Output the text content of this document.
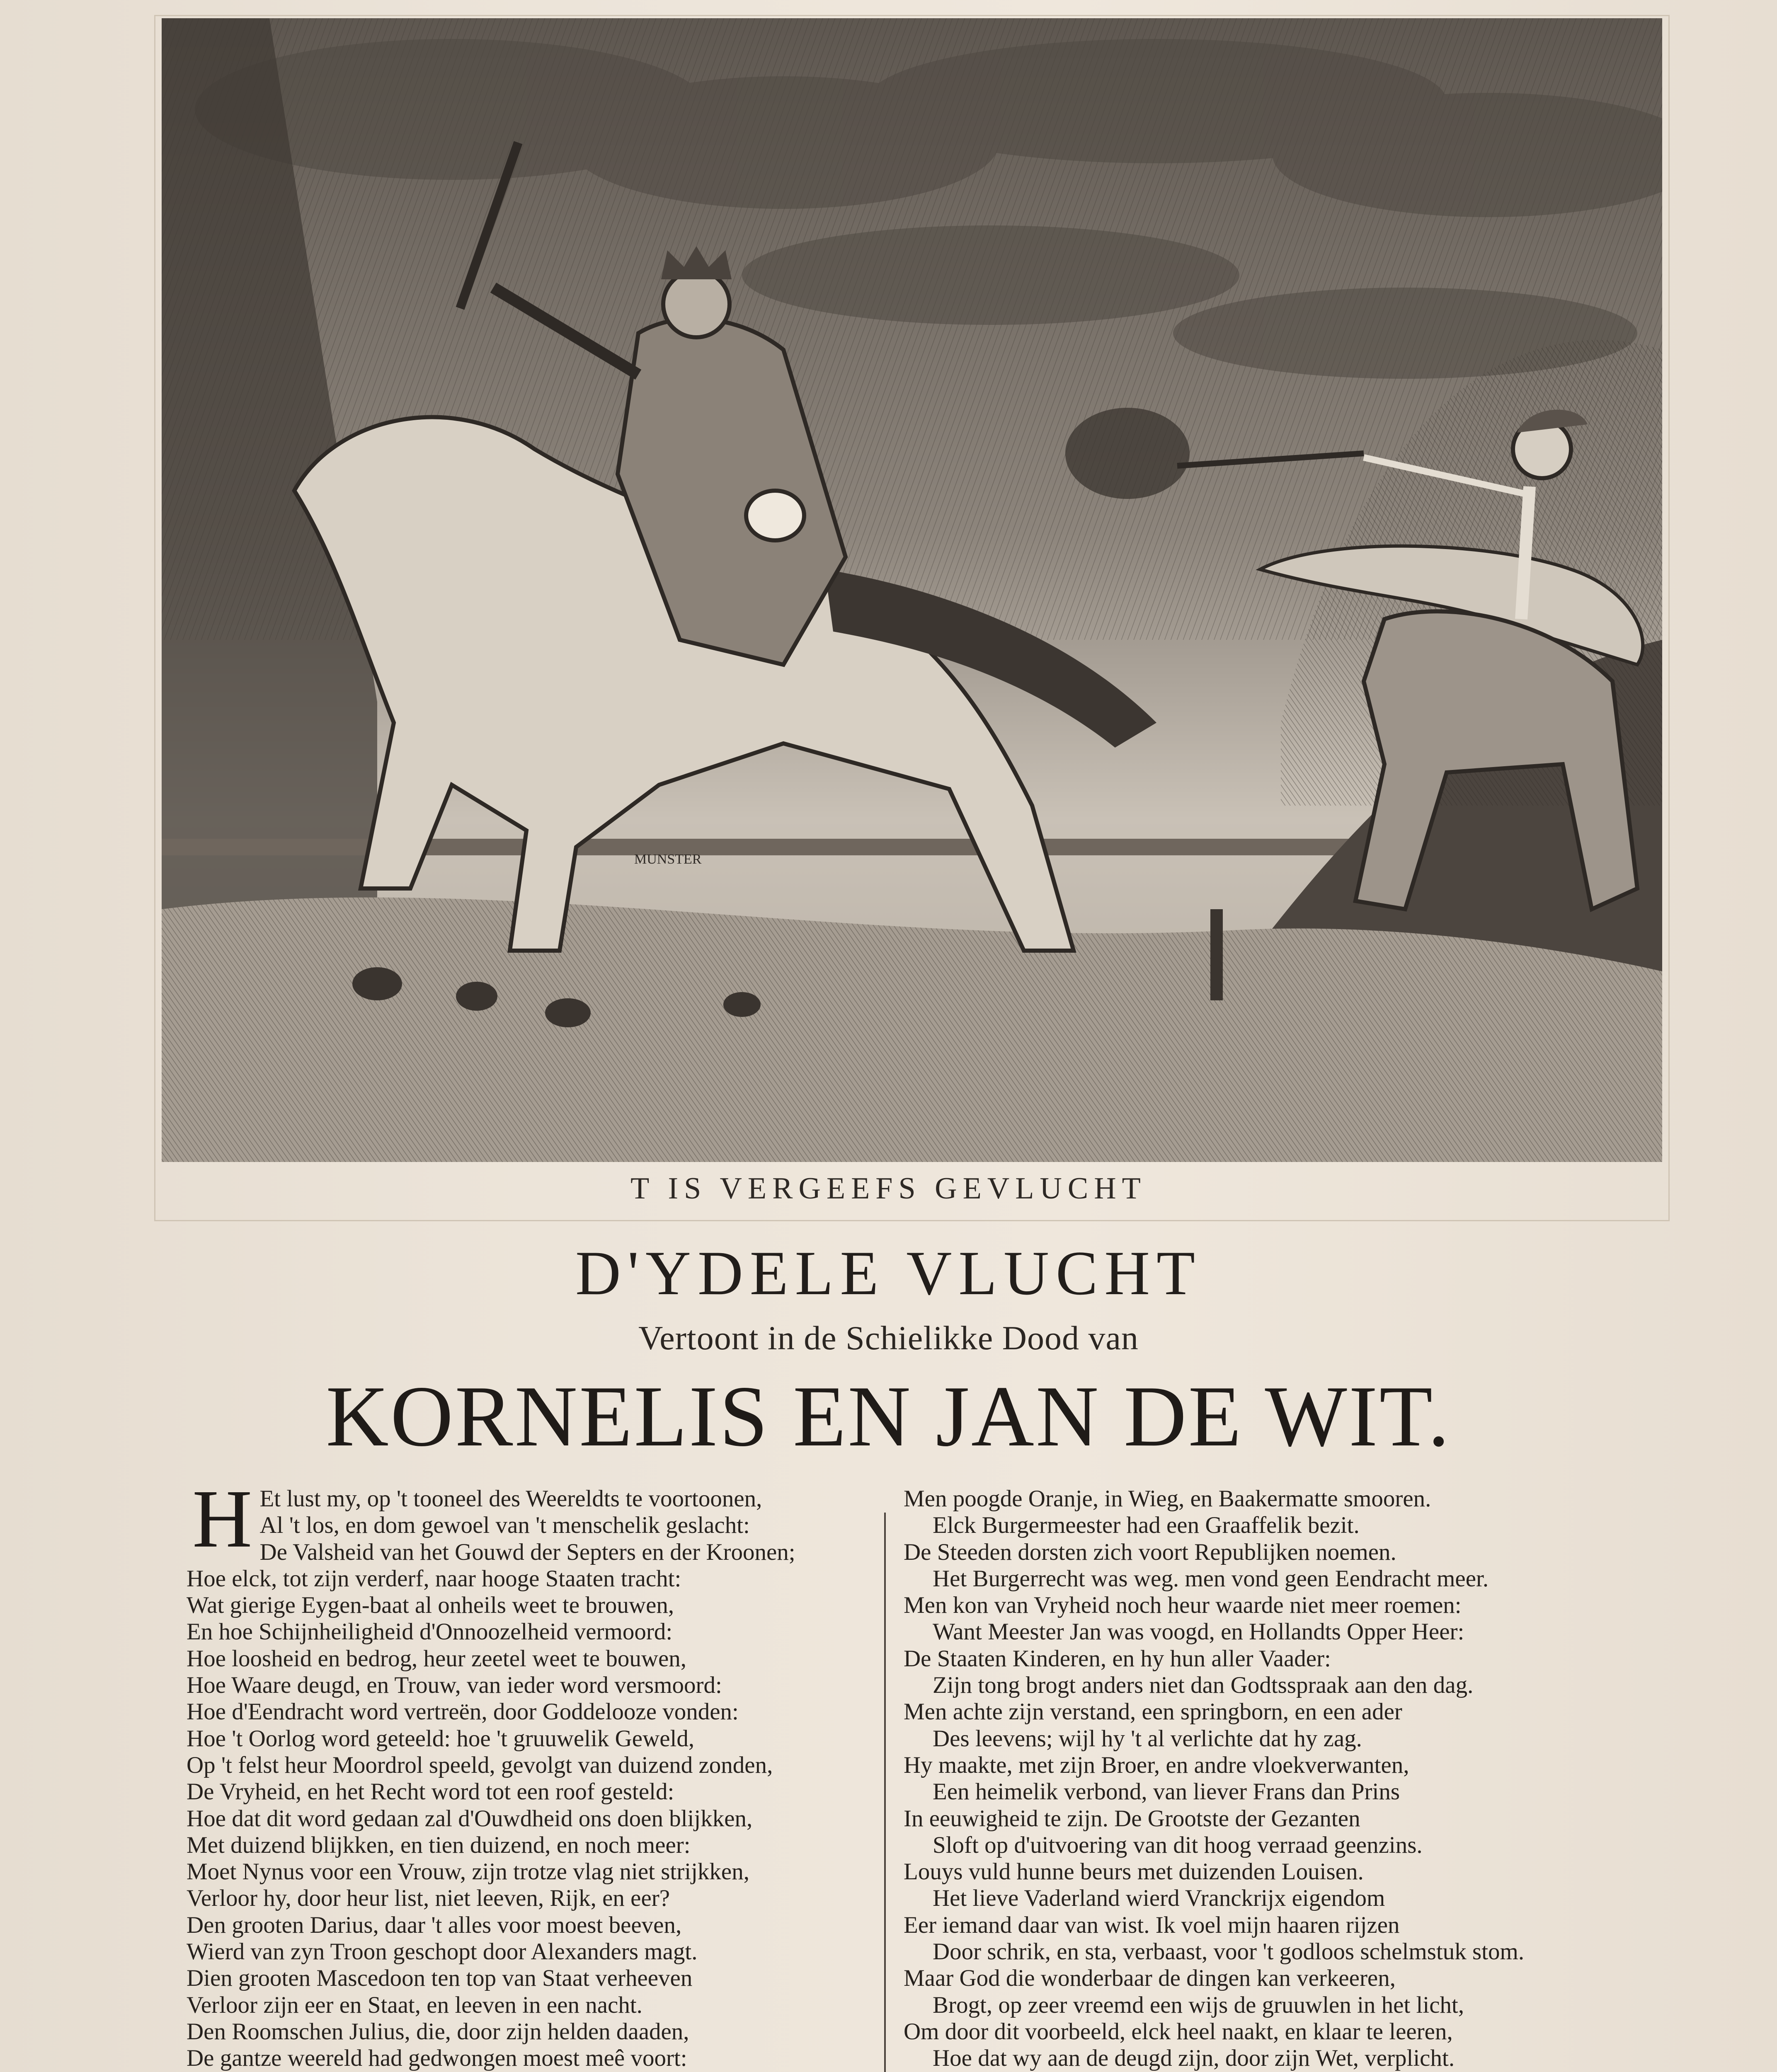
MUNSTER
T IS VERGEEFS GEVLUCHT
D'YDELE VLUCHT
Vertoont in de Schielikke Dood van
KORNELIS EN JAN DE WIT.
H Et lust my, op 't tooneel des Weereldts te voortoonen,
Al 't los, en dom gewoel van 't menschelik geslacht:
De Valsheid van het Gouwd der Septers en der Kroonen;
Hoe elck, tot zijn verderf, naar hooge Staaten tracht:
Wat gierige Eygen-baat al onheils weet te brouwen,
En hoe Schijnheiligheid d'Onnoozelheid vermoord:
Hoe loosheid en bedrog, heur zeetel weet te bouwen,
Hoe Waare deugd, en Trouw, van ieder word versmoord:
Hoe d'Eendracht word vertreën, door Goddelooze vonden:
Hoe 't Oorlog word geteeld: hoe 't gruuwelik Geweld,
Op 't felst heur Moordrol speeld, gevolgt van duizend zonden,
De Vryheid, en het Recht word tot een roof gesteld:
Hoe dat dit word gedaan zal d'Ouwdheid ons doen blijkken,
Met duizend blijkken, en tien duizend, en noch meer:
Moet Nynus voor een Vrouw, zijn trotze vlag niet strijkken,
Verloor hy, door heur list, niet leeven, Rijk, en eer?
Den grooten Darius, daar 't alles voor moest beeven,
Wierd van zyn Troon geschopt door Alexanders magt.
Dien grooten Mascedoon ten top van Staat verheeven
Verloor zijn eer en Staat, en leeven in een nacht.
Den Roomschen Julius, die, door zijn helden daaden,
De gantze weereld had gedwongen moest meê voort:
Men poogde Oranje, in Wieg, en Baakermatte smooren.
Elck Burgermeester had een Graaffelik bezit.
De Steeden dorsten zich voort Republijken noemen.
Het Burgerrecht was weg. men vond geen Eendracht meer.
Men kon van Vryheid noch heur waarde niet meer roemen:
Want Meester Jan was voogd, en Hollandts Opper Heer:
De Staaten Kinderen, en hy hun aller Vaader:
Zijn tong brogt anders niet dan Godtsspraak aan den dag.
Men achte zijn verstand, een springborn, en een ader
Des leevens; wijl hy 't al verlichte dat hy zag.
Hy maakte, met zijn Broer, en andre vloekverwanten,
Een heimelik verbond, van liever Frans dan Prins
In eeuwigheid te zijn. De Grootste der Gezanten
Sloft op d'uitvoering van dit hoog verraad geenzins.
Louys vuld hunne beurs met duizenden Louisen.
Het lieve Vaderland wierd Vranckrijx eigendom
Eer iemand daar van wist. Ik voel mijn haaren rijzen
Door schrik, en sta, verbaast, voor 't godloos schelmstuk stom.
Maar God die wonderbaar de dingen kan verkeeren,
Brogt, op zeer vreemd een wijs de gruuwlen in het licht,
Om door dit voorbeeld, elck heel naakt, en klaar te leeren,
Hoe dat wy aan de deugd zijn, door zijn Wet, verplicht.
